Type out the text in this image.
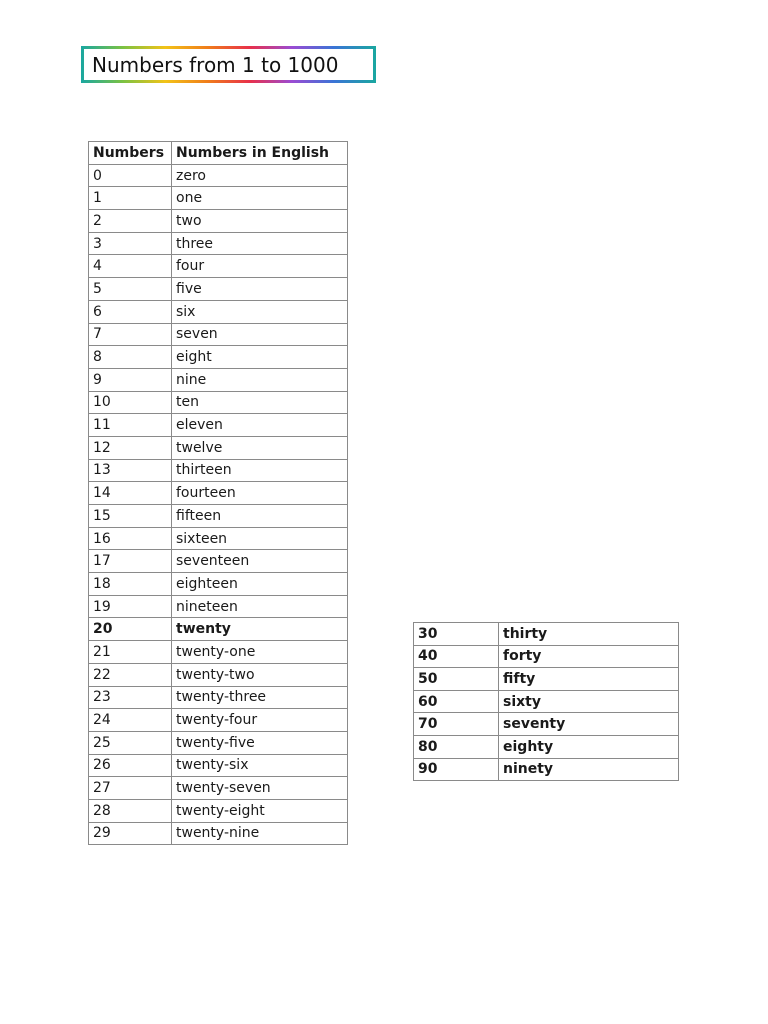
Numbers from 1 to 1000
Numbers	Numbers in English
0	zero
1	one
2	two
3	three
4	four
5	five
6	six
7	seven
8	eight
9	nine
10	ten
11	eleven
12	twelve
13	thirteen
14	fourteen
15	fifteen
16	sixteen
17	seventeen
18	eighteen
19	nineteen
20	twenty
21	twenty-one
22	twenty-two
23	twenty-three
24	twenty-four
25	twenty-five
26	twenty-six
27	twenty-seven
28	twenty-eight
29	twenty-nine
30	thirty
40	forty
50	fifty
60	sixty
70	seventy
80	eighty
90	ninety
